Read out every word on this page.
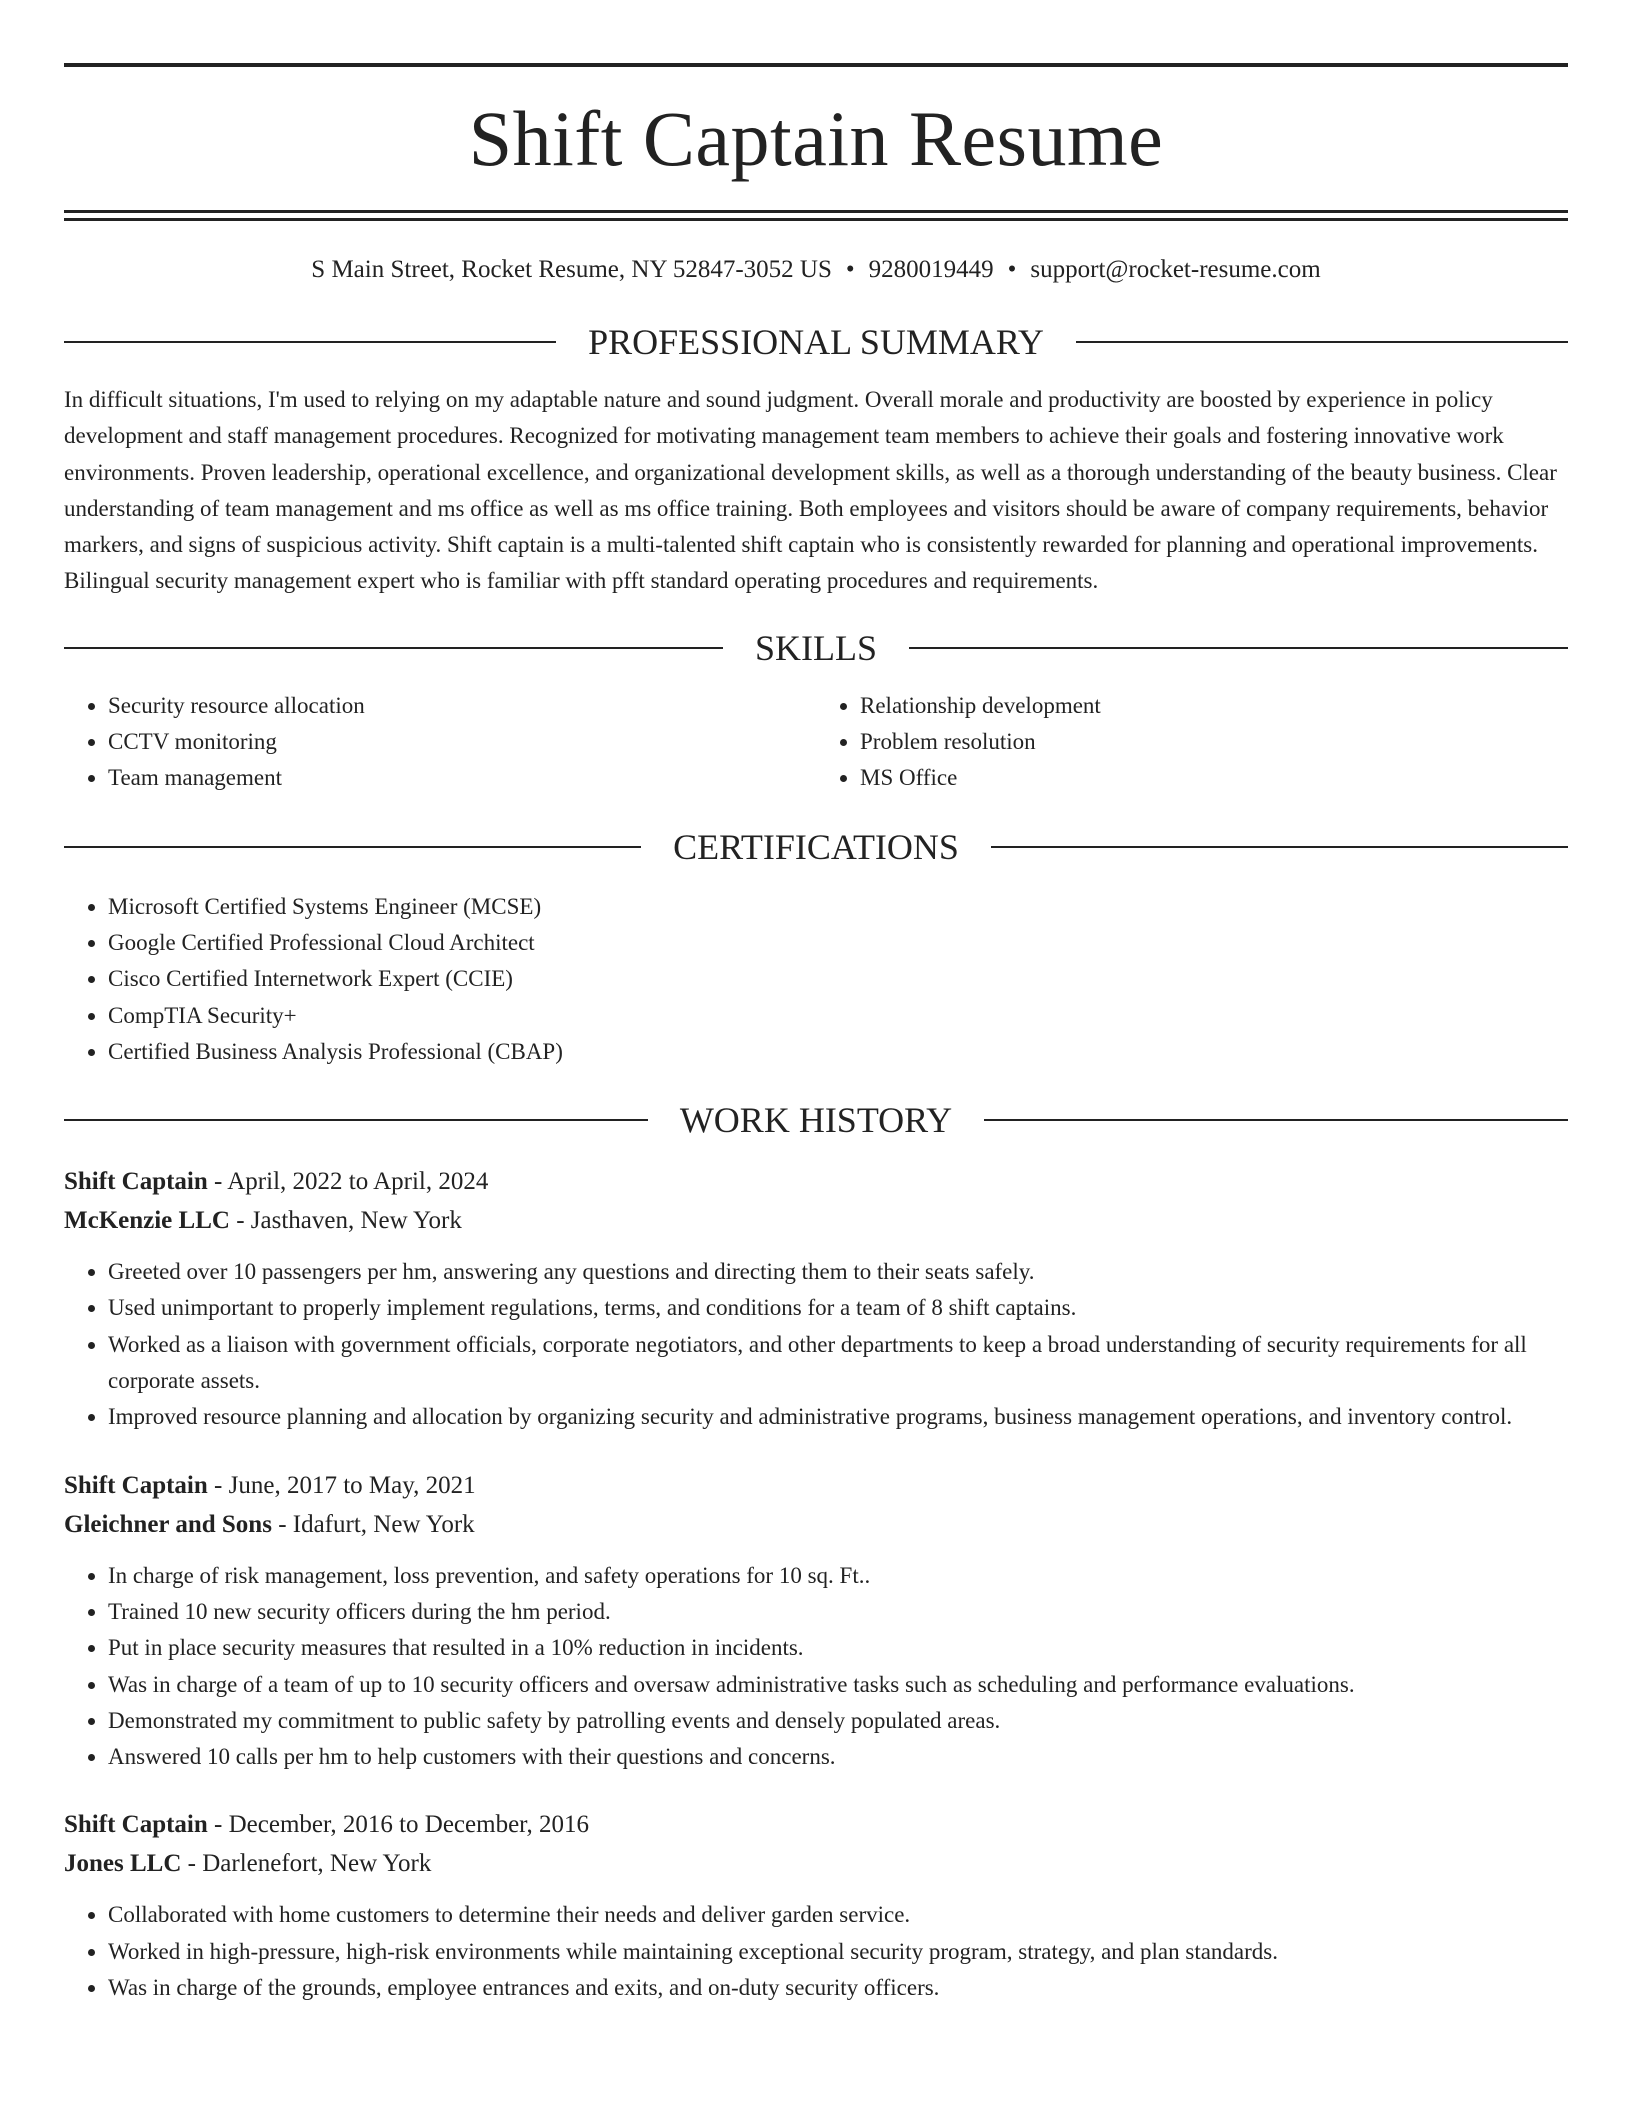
Shift Captain Resume
S Main Street, Rocket Resume, NY 52847-3052 US • 9280019449 • support@rocket-resume.com
PROFESSIONAL SUMMARY
In difficult situations, I'm used to relying on my adaptable nature and sound judgment. Overall morale and productivity are boosted by experience in policy development and staff management procedures. Recognized for motivating management team members to achieve their goals and fostering innovative work environments. Proven leadership, operational excellence, and organizational development skills, as well as a thorough understanding of the beauty business. Clear understanding of team management and ms office as well as ms office training. Both employees and visitors should be aware of company requirements, behavior markers, and signs of suspicious activity. Shift captain is a multi-talented shift captain who is consistently rewarded for planning and operational improvements. Bilingual security management expert who is familiar with pfft standard operating procedures and requirements.
SKILLS
• Security resource allocation
• CCTV monitoring
• Team management
• Relationship development
• Problem resolution
• MS Office
CERTIFICATIONS
• Microsoft Certified Systems Engineer (MCSE)
• Google Certified Professional Cloud Architect
• Cisco Certified Internetwork Expert (CCIE)
• CompTIA Security+
• Certified Business Analysis Professional (CBAP)
WORK HISTORY
Shift Captain - April, 2022 to April, 2024
McKenzie LLC - Jasthaven, New York
• Greeted over 10 passengers per hm, answering any questions and directing them to their seats safely.
• Used unimportant to properly implement regulations, terms, and conditions for a team of 8 shift captains.
• Worked as a liaison with government officials, corporate negotiators, and other departments to keep a broad understanding of security requirements for all corporate assets.
• Improved resource planning and allocation by organizing security and administrative programs, business management operations, and inventory control.
Shift Captain - June, 2017 to May, 2021
Gleichner and Sons - Idafurt, New York
• In charge of risk management, loss prevention, and safety operations for 10 sq. Ft..
• Trained 10 new security officers during the hm period.
• Put in place security measures that resulted in a 10% reduction in incidents.
• Was in charge of a team of up to 10 security officers and oversaw administrative tasks such as scheduling and performance evaluations.
• Demonstrated my commitment to public safety by patrolling events and densely populated areas.
• Answered 10 calls per hm to help customers with their questions and concerns.
Shift Captain - December, 2016 to December, 2016
Jones LLC - Darlenefort, New York
• Collaborated with home customers to determine their needs and deliver garden service.
• Worked in high-pressure, high-risk environments while maintaining exceptional security program, strategy, and plan standards.
• Was in charge of the grounds, employee entrances and exits, and on-duty security officers.
